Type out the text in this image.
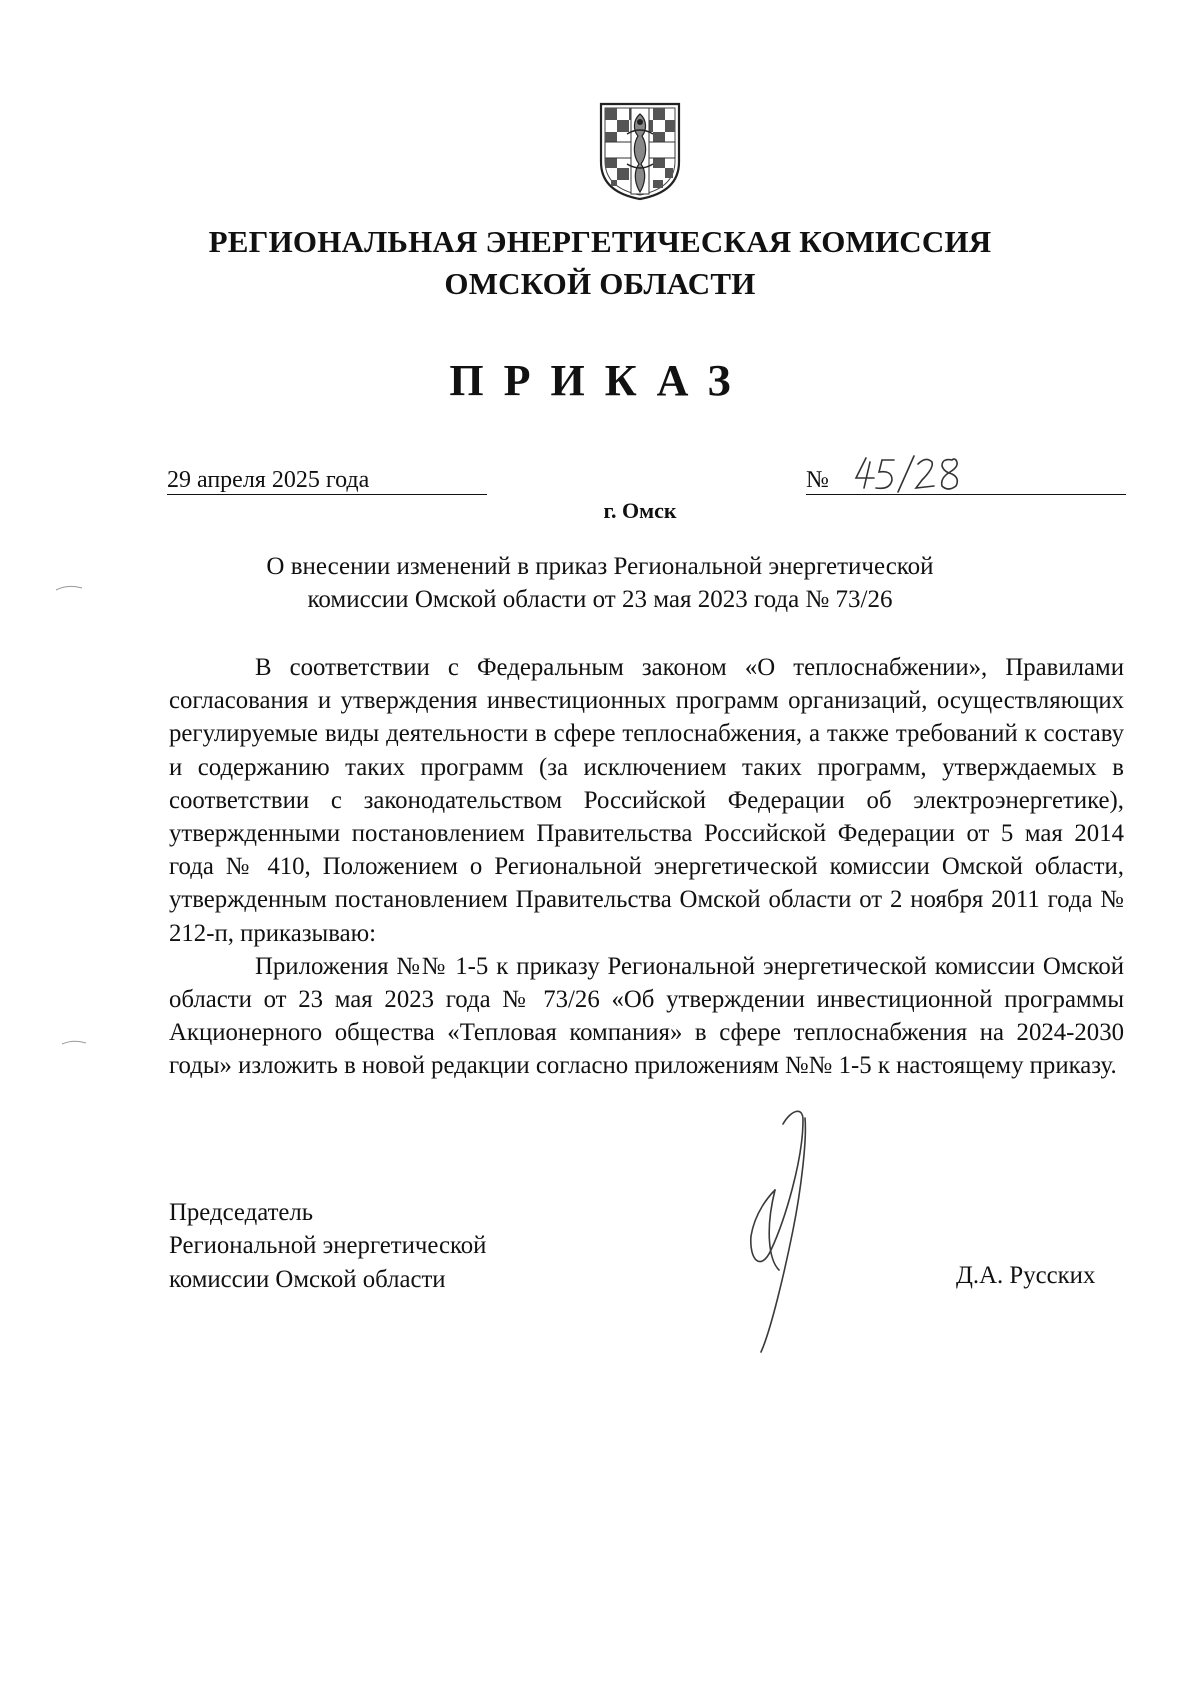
РЕГИОНАЛЬНАЯ ЭНЕРГЕТИЧЕСКАЯ КОМИССИЯ
ОМСКОЙ ОБЛАСТИ
ПРИКАЗ
29 апреля 2025 года	№
г. Омск
О внесении изменений в приказ Региональной энергетической
комиссии Омской области от 23 мая 2023 года № 73/26

В соответствии с Федеральным законом «О теплоснабжении», Правилами согласования и утверждения инвестиционных программ организаций, осуществляющих регулируемые виды деятельности в сфере теплоснабжения, а также требований к составу и содержанию таких программ (за исключением таких программ, утверждаемых в соответствии с законодательством Российской Федерации об электроэнергетике), утвержденными постановлением Правительства Российской Федерации от 5 мая 2014 года № 410, Положением о Региональной энергетической комиссии Омской области, утвержденным постановлением Правительства Омской области от 2 ноября 2011 года № 212-п, приказываю:

Приложения №№ 1-5 к приказу Региональной энергетической комиссии Омской области от 23 мая 2023 года № 73/26 «Об утверждении инвестиционной программы Акционерного общества «Тепловая компания» в сфере теплоснабжения на 2024-2030 годы» изложить в новой редакции согласно приложениям №№ 1-5 к настоящему приказу.

Председатель
Региональной энергетической
комиссии Омской области	Д.А. Русских
